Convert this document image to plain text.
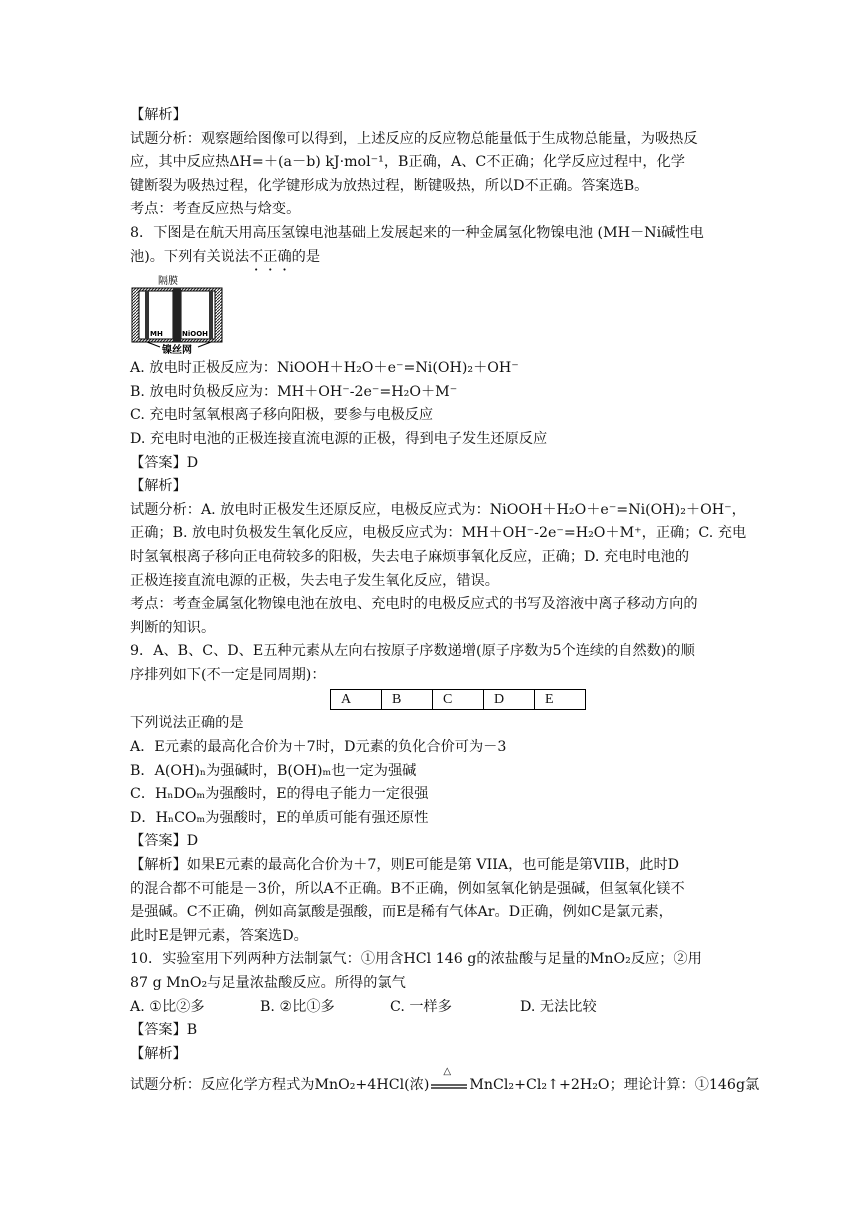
【解析】
试题分析：观察题给图像可以得到，上述反应的反应物总能量低于生成物总能量，为吸热反
应，其中反应热ΔH=＋(a－b) kJ·mol⁻¹，B正确，A、C不正确；化学反应过程中，化学
键断裂为吸热过程，化学键形成为放热过程，断键吸热，所以D不正确。答案选B。
考点：考查反应热与焓变。
8．下图是在航天用高压氢镍电池基础上发展起来的一种金属氢化物镍电池 (MH－Ni碱性电
池)。下列有关说法不正确的是
隔膜
MH	NiOOH
镍丝网
A. 放电时正极反应为：NiOOH＋H₂O＋e⁻=Ni(OH)₂＋OH⁻
B. 放电时负极反应为：MH＋OH⁻-2e⁻=H₂O＋M⁻
C. 充电时氢氧根离子移向阳极，要参与电极反应
D. 充电时电池的正极连接直流电源的正极，得到电子发生还原反应
【答案】D
【解析】
试题分析：A. 放电时正极发生还原反应，电极反应式为：NiOOH＋H₂O＋e⁻=Ni(OH)₂＋OH⁻，
正确；B. 放电时负极发生氧化反应，电极反应式为：MH＋OH⁻-2e⁻=H₂O＋M⁺，正确；C. 充电
时氢氧根离子移向正电荷较多的阳极，失去电子麻烦事氧化反应，正确；D. 充电时电池的
正极连接直流电源的正极，失去电子发生氧化反应，错误。
考点：考查金属氢化物镍电池在放电、充电时的电极反应式的书写及溶液中离子移动方向的
判断的知识。
9．A、B、C、D、E五种元素从左向右按原子序数递增(原子序数为5个连续的自然数)的顺
序排列如下(不一定是同周期)：
A	B	C	D	E
下列说法正确的是
A．E元素的最高化合价为＋7时，D元素的负化合价可为－3
B．A(OH)ₙ为强碱时，B(OH)ₘ也一定为强碱
C．HₙDOₘ为强酸时，E的得电子能力一定很强
D．HₙCOₘ为强酸时，E的单质可能有强还原性
【答案】D
【解析】如果E元素的最高化合价为＋7，则E可能是第 VIIA，也可能是第VIIB，此时D
的混合都不可能是－3价，所以A不正确。B不正确，例如氢氧化钠是强碱，但氢氧化镁不
是强碱。C不正确，例如高氯酸是强酸，而E是稀有气体Ar。D正确，例如C是氯元素，
此时E是钾元素，答案选D。
10．实验室用下列两种方法制氯气：①用含HCl 146 g的浓盐酸与足量的MnO₂反应；②用
87 g MnO₂与足量浓盐酸反应。所得的氯气
A. ①比②多	B. ②比①多	C. 一样多	D. 无法比较
【答案】B
【解析】
试题分析：反应化学方程式为MnO₂+4HCl(浓)
△
MnCl₂+Cl₂↑+2H₂O；理论计算：①146g氯
